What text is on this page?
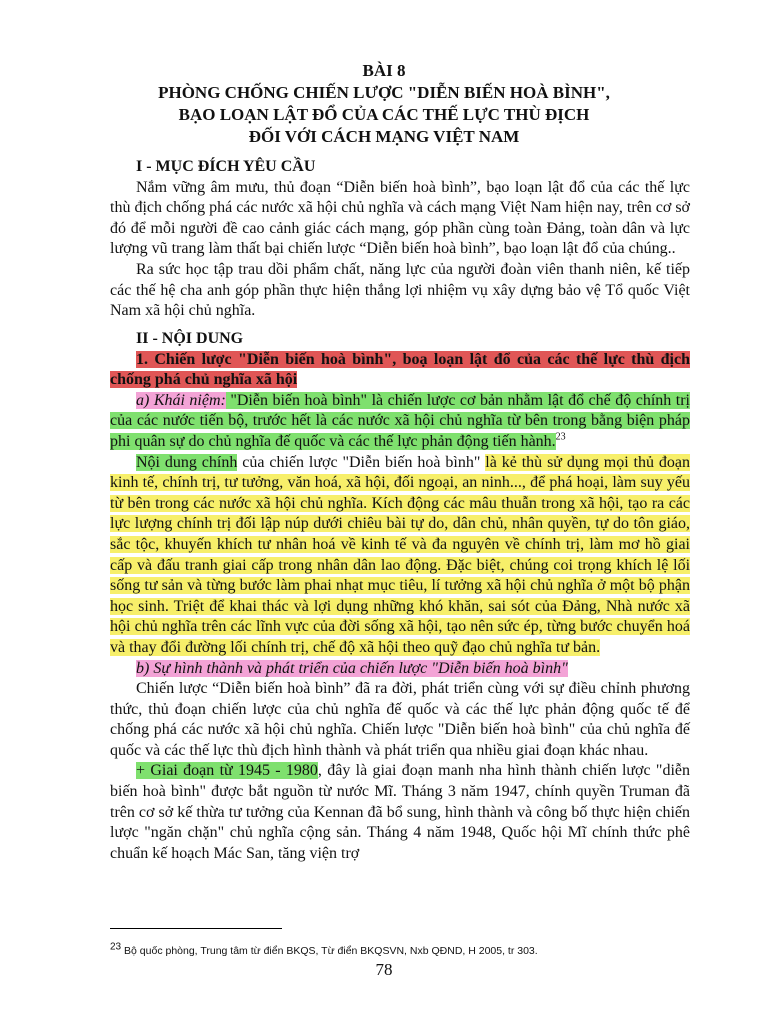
BÀI 8
PHÒNG CHỐNG CHIẾN LƯỢC "DIỄN BIẾN HOÀ BÌNH",
BẠO LOẠN LẬT ĐỔ CỦA CÁC THẾ LỰC THÙ ĐỊCH
ĐỐI VỚI CÁCH MẠNG VIỆT NAM
I - MỤC ĐÍCH YÊU CẦU

Nắm vững âm mưu, thủ đoạn “Diễn biến hoà bình”, bạo loạn lật đổ của các thế lực thù địch chống phá các nước xã hội chủ nghĩa và cách mạng Việt Nam hiện nay, trên cơ sở đó để mỗi người đề cao cảnh giác cách mạng, góp phần cùng toàn Đảng, toàn dân và lực lượng vũ trang làm thất bại chiến lược “Diễn biến hoà bình”, bạo loạn lật đổ của chúng..

Ra sức học tập trau dồi phẩm chất, năng lực của người đoàn viên thanh niên, kế tiếp các thế hệ cha anh góp phần thực hiện thắng lợi nhiệm vụ xây dựng bảo vệ Tổ quốc Việt Nam xã hội chủ nghĩa.

II - NỘI DUNG

1. Chiến lược "Diễn biến hoà bình", boạ loạn lật đổ của các thế lực thù địch chống phá chủ nghĩa xã hội

a) Khái niệm: "Diễn biến hoà bình" là chiến lược cơ bản nhằm lật đổ chế độ chính trị của các nước tiến bộ, trước hết là các nước xã hội chủ nghĩa từ bên trong bằng biện pháp phi quân sự do chủ nghĩa đế quốc và các thế lực phản động tiến hành.$^{23}$

Nội dung chính của chiến lược "Diễn biến hoà bình" là kẻ thù sử dụng mọi thủ đoạn kinh tế, chính trị, tư tưởng, văn hoá, xã hội, đối ngoại, an ninh..., để phá hoại, làm suy yếu từ bên trong các nước xã hội chủ nghĩa. Kích động các mâu thuẫn trong xã hội, tạo ra các lực lượng chính trị đối lập núp dưới chiêu bài tự do, dân chủ, nhân quyền, tự do tôn giáo, sắc tộc, khuyến khích tư nhân hoá về kinh tế và đa nguyên về chính trị, làm mơ hồ giai cấp và đấu tranh giai cấp trong nhân dân lao động. Đặc biệt, chúng coi trọng khích lệ lối sống tư sản và từng bước làm phai nhạt mục tiêu, lí tưởng xã hội chủ nghĩa ở một bộ phận học sinh. Triệt để khai thác và lợi dụng những khó khăn, sai sót của Đảng, Nhà nước xã hội chủ nghĩa trên các lĩnh vực của đời sống xã hội, tạo nên sức ép, từng bước chuyển hoá và thay đổi đường lối chính trị, chế độ xã hội theo quỹ đạo chủ nghĩa tư bản.

b) Sự hình thành và phát triển của chiến lược "Diễn biến hoà bình"

Chiến lược “Diễn biến hoà bình” đã ra đời, phát triển cùng với sự điều chỉnh phương thức, thủ đoạn chiến lược của chủ nghĩa đế quốc và các thế lực phản động quốc tế để chống phá các nước xã hội chủ nghĩa. Chiến lược "Diễn biến hoà bình" của chủ nghĩa đế quốc và các thế lực thù địch hình thành và phát triển qua nhiều giai đoạn khác nhau.

+ Giai đoạn từ 1945 - 1980, đây là giai đoạn manh nha hình thành chiến lược "diễn biến hoà bình" được bắt nguồn từ nước Mĩ. Tháng 3 năm 1947, chính quyền Truman đã trên cơ sở kế thừa tư tưởng của Kennan đã bổ sung, hình thành và công bố thực hiện chiến lược "ngăn chặn" chủ nghĩa cộng sản. Tháng 4 năm 1948, Quốc hội Mĩ chính thức phê chuẩn kế hoạch Mác San, tăng viện trợ

$^{23}$ Bộ quốc phòng, Trung tâm từ điển BKQS, Từ điển BKQSVN, Nxb QĐND, H 2005, tr 303.
78
